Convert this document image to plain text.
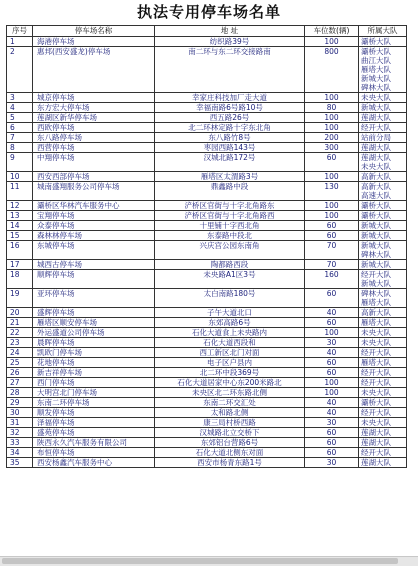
执法专用停车场名单
序号	停车场名称	地 址	车位数(辆)	所属大队
1	海港停车场	纺织路39号	100	灞桥大队

2	惠邦(西安盛龙)停车场	南二环与东二环交接路南	800	灞桥大队
曲江大队
雁塔大队
新城大队
碑林大队

3	城京停车场	幸家庄科技加厂走大道	100	未央大队

4	东方宏大停车场	幸福南路6号路10号	80	新城大队

5	莲湖区新华停车场	西五路26号	100	莲湖大队

6	西欧停车场	北二环林定路十字东北角	100	经开大队

7	东八路停车场	东八路竹8号	200	站前分局

8	西营停车场	枣园西路143号	300	莲湖大队

9	中翔停车场	汉城北路172号	60	莲湖大队
未央大队

10	西安西部停车场	雁塔区太渭路3号	100	高新大队

11	城南盛翔服务公司停车场	鼎鑫路中段	130	高新大队
高速大队

12	灞桥区华林汽车服务中心	浐桥区官街与十字北角路东	100	灞桥大队

13	宝翔停车场	浐桥区官街与十字北角路西	100	灞桥大队

14	众泰停车场	十里铺十字西北角	60	新城大队

15	森林林停车场	东泰路中段北	60	新城大队

16	东城停车场	兴庆宫公园东南角	70	新城大队
碑林大队

17	城西古停车场	陶都路西段	70	新城大队

18	顺辉停车场	未央路A1区3号	160	经开大队
新城大队

19	亚环停车场	太白南路180号	60	碑林大队
雁塔大队

20	盛辉停车场	子午大道北口	40	高新大队

21	雁塔区顺安停车场	东郊高路6号	60	雁塔大队

22	外运盛道公司停车场	石化大道食上未央路内	100	未央大队

23	晨晖停车场	石化大道西段和	30	未央大队

24	凯欧门停车场	西工新区北门对面	40	经开大队

25	花地停车场	电子区户县内	60	雁塔大队

26	新吉祥停车场	北二环中段369号	60	经开大队

27	西门停车场	石化大道居家中心东200米路北	100	经开大队

28	大明宫北门停车场	未央区北二环东路北侧	100	未央大队

29	东南二环停车场	东南二环交汇处	40	灞桥大队

30	顺发停车场	太和路北侧	40	经开大队

31	泽福停车场	康三局村桥西路	30	未央大队

32	盛苑停车场	汉城路北立交桥下	60	莲湖大队

33	陕西永久汽车服务有限公司	东郊铝台营路6号	60	莲湖大队

34	布恒停车场	石化大道北侧东对面	60	经开大队

35	西安杨鑫汽车服务中心	西安市杨青东路1号	30	莲湖大队
